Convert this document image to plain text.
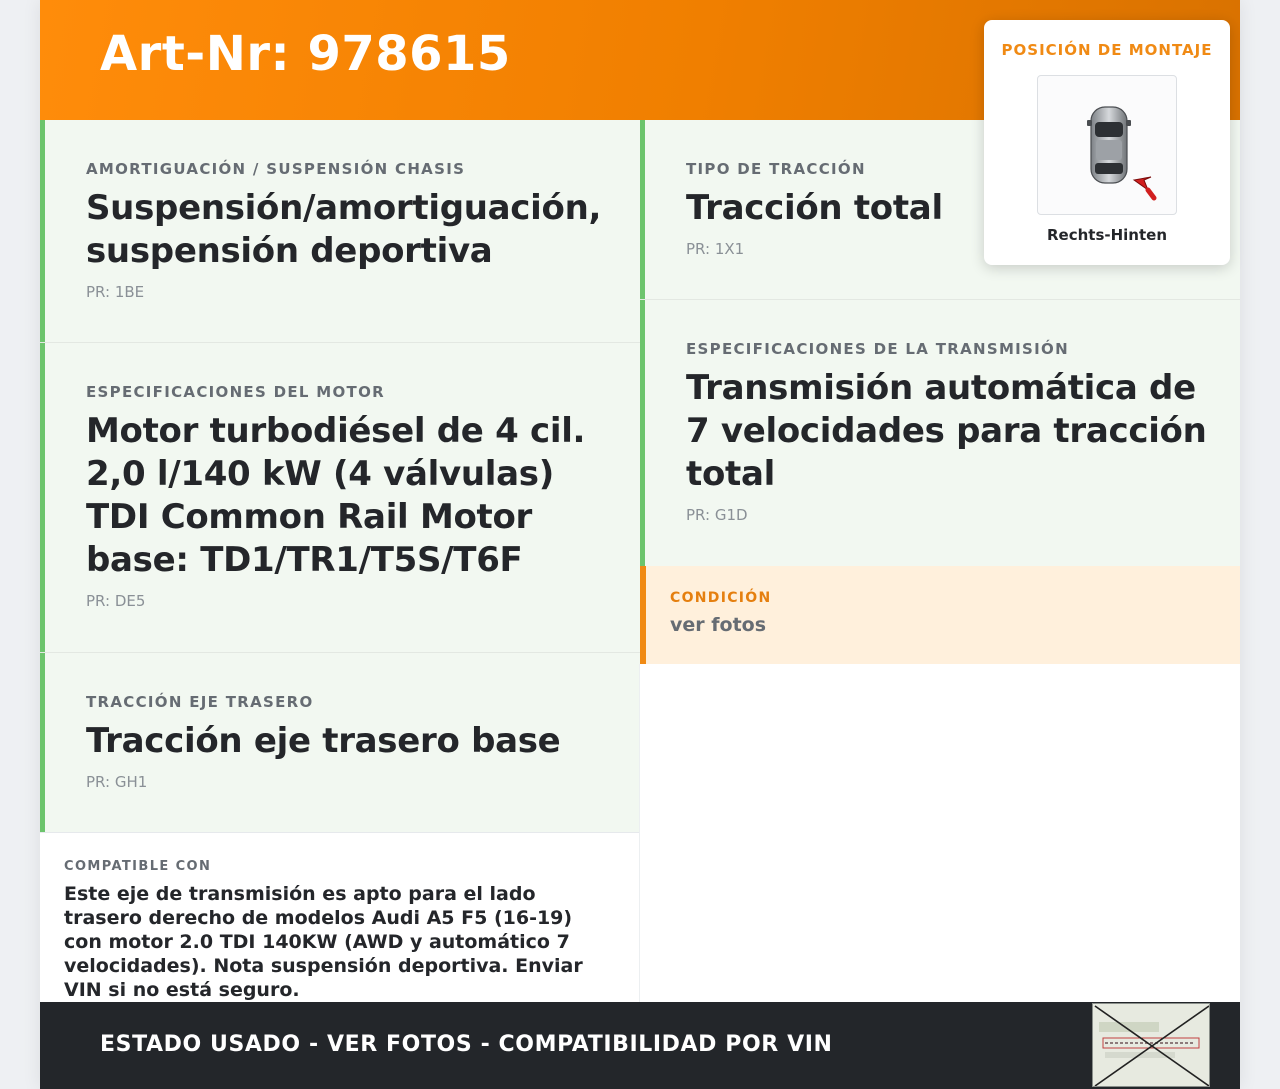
Art-Nr: 978615
AMORTIGUACIÓN / SUSPENSIÓN CHASIS
Suspensión/amortiguación, suspensión deportiva
PR: 1BE
ESPECIFICACIONES DEL MOTOR
Motor turbodiésel de 4 cil. 2,0 l/140 kW (4 válvulas) TDI Common Rail Motor base: TD1/TR1/T5S/T6F
PR: DE5
TRACCIÓN EJE TRASERO
Tracción eje trasero base
PR: GH1
TIPO DE TRACCIÓN
Tracción total
PR: 1X1
ESPECIFICACIONES DE LA TRANSMISIÓN
Transmisión automática de 7 velocidades para tracción total
PR: G1D
CONDICIÓN
ver fotos
COMPATIBLE CON
Este eje de transmisión es apto para el lado trasero derecho de modelos Audi A5 F5 (16-19) con motor 2.0 TDI 140KW (AWD y automático 7 velocidades). Nota suspensión deportiva. Enviar VIN si no está seguro.
ESTADO USADO - VER FOTOS - COMPATIBILIDAD POR VIN
POSICIÓN DE MONTAJE
Rechts-Hinten
